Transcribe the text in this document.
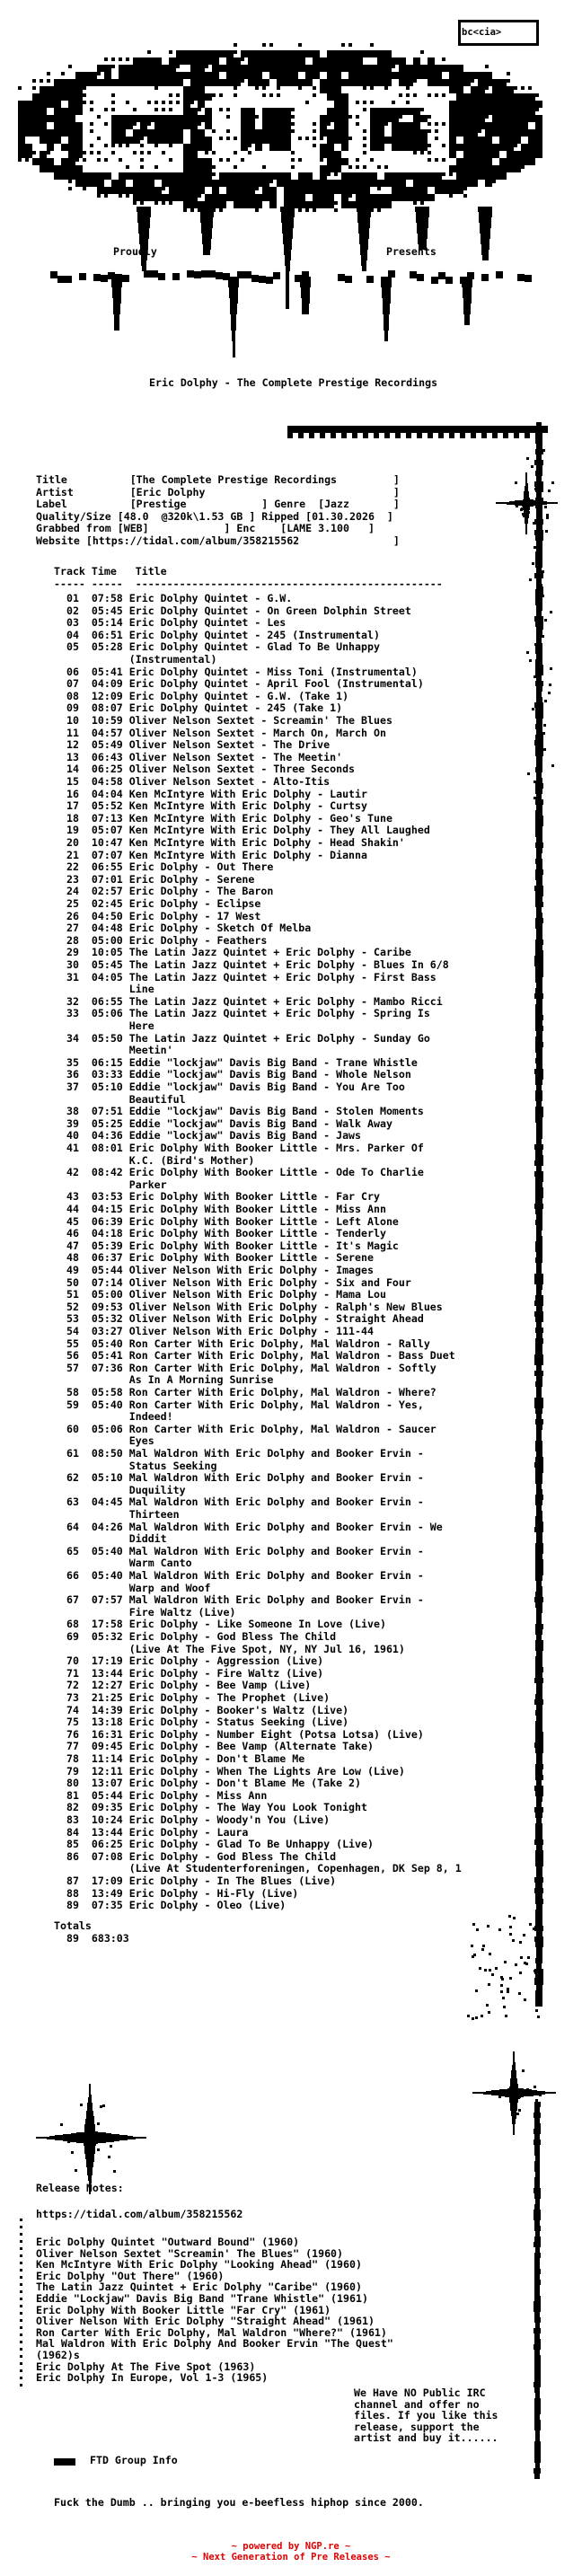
bc<cia>
Proudly	Presents
Eric Dolphy - The Complete Prestige Recordings
Title          [The Complete Prestige Recordings         ]
Artist         [Eric Dolphy                              ]
Label          [Prestige            ] Genre  [Jazz       ]
Quality/Size [48.0  @320k\1.53 GB ] Ripped [01.30.2026  ]
Grabbed from [WEB]            ] Enc    [LAME 3.100   ]
Website [https://tidal.com/album/358215562               ]
Track Time   Title
----- -----  -------------------------------------------------
01  07:58 Eric Dolphy Quintet - G.W.
02  05:45 Eric Dolphy Quintet - On Green Dolphin Street
03  05:14 Eric Dolphy Quintet - Les
04  06:51 Eric Dolphy Quintet - 245 (Instrumental)
05  05:28 Eric Dolphy Quintet - Glad To Be Unhappy
(Instrumental)
06  05:41 Eric Dolphy Quintet - Miss Toni (Instrumental)
07  04:09 Eric Dolphy Quintet - April Fool (Instrumental)
08  12:09 Eric Dolphy Quintet - G.W. (Take 1)
09  08:07 Eric Dolphy Quintet - 245 (Take 1)
10  10:59 Oliver Nelson Sextet - Screamin' The Blues
11  04:57 Oliver Nelson Sextet - March On, March On
12  05:49 Oliver Nelson Sextet - The Drive
13  06:43 Oliver Nelson Sextet - The Meetin'
14  06:25 Oliver Nelson Sextet - Three Seconds
15  04:58 Oliver Nelson Sextet - Alto-Itis
16  04:04 Ken McIntyre With Eric Dolphy - Lautir
17  05:52 Ken McIntyre With Eric Dolphy - Curtsy
18  07:13 Ken McIntyre With Eric Dolphy - Geo's Tune
19  05:07 Ken McIntyre With Eric Dolphy - They All Laughed
20  10:47 Ken McIntyre With Eric Dolphy - Head Shakin'
21  07:07 Ken McIntyre With Eric Dolphy - Dianna
22  06:55 Eric Dolphy - Out There
23  07:01 Eric Dolphy - Serene
24  02:57 Eric Dolphy - The Baron
25  02:45 Eric Dolphy - Eclipse
26  04:50 Eric Dolphy - 17 West
27  04:48 Eric Dolphy - Sketch Of Melba
28  05:00 Eric Dolphy - Feathers
29  10:05 The Latin Jazz Quintet + Eric Dolphy - Caribe
30  05:45 The Latin Jazz Quintet + Eric Dolphy - Blues In 6/8
31  04:05 The Latin Jazz Quintet + Eric Dolphy - First Bass
Line
32  06:55 The Latin Jazz Quintet + Eric Dolphy - Mambo Ricci
33  05:06 The Latin Jazz Quintet + Eric Dolphy - Spring Is
Here
34  05:50 The Latin Jazz Quintet + Eric Dolphy - Sunday Go
Meetin'
35  06:15 Eddie "lockjaw" Davis Big Band - Trane Whistle
36  03:33 Eddie "lockjaw" Davis Big Band - Whole Nelson
37  05:10 Eddie "lockjaw" Davis Big Band - You Are Too
Beautiful
38  07:51 Eddie "lockjaw" Davis Big Band - Stolen Moments
39  05:25 Eddie "lockjaw" Davis Big Band - Walk Away
40  04:36 Eddie "lockjaw" Davis Big Band - Jaws
41  08:01 Eric Dolphy With Booker Little - Mrs. Parker Of
K.C. (Bird's Mother)
42  08:42 Eric Dolphy With Booker Little - Ode To Charlie
Parker
43  03:53 Eric Dolphy With Booker Little - Far Cry
44  04:15 Eric Dolphy With Booker Little - Miss Ann
45  06:39 Eric Dolphy With Booker Little - Left Alone
46  04:18 Eric Dolphy With Booker Little - Tenderly
47  05:39 Eric Dolphy With Booker Little - It's Magic
48  06:37 Eric Dolphy With Booker Little - Serene
49  05:44 Oliver Nelson With Eric Dolphy - Images
50  07:14 Oliver Nelson With Eric Dolphy - Six and Four
51  05:00 Oliver Nelson With Eric Dolphy - Mama Lou
52  09:53 Oliver Nelson With Eric Dolphy - Ralph's New Blues
53  05:32 Oliver Nelson With Eric Dolphy - Straight Ahead
54  03:27 Oliver Nelson With Eric Dolphy - 111-44
55  05:40 Ron Carter With Eric Dolphy, Mal Waldron - Rally
56  05:41 Ron Carter With Eric Dolphy, Mal Waldron - Bass Duet
57  07:36 Ron Carter With Eric Dolphy, Mal Waldron - Softly
As In A Morning Sunrise
58  05:58 Ron Carter With Eric Dolphy, Mal Waldron - Where?
59  05:40 Ron Carter With Eric Dolphy, Mal Waldron - Yes,
Indeed!
60  05:06 Ron Carter With Eric Dolphy, Mal Waldron - Saucer
Eyes
61  08:50 Mal Waldron With Eric Dolphy and Booker Ervin -
Status Seeking
62  05:10 Mal Waldron With Eric Dolphy and Booker Ervin -
Duquility
63  04:45 Mal Waldron With Eric Dolphy and Booker Ervin -
Thirteen
64  04:26 Mal Waldron With Eric Dolphy and Booker Ervin - We
Diddit
65  05:40 Mal Waldron With Eric Dolphy and Booker Ervin -
Warm Canto
66  05:40 Mal Waldron With Eric Dolphy and Booker Ervin -
Warp and Woof
67  07:57 Mal Waldron With Eric Dolphy and Booker Ervin -
Fire Waltz (Live)
68  17:58 Eric Dolphy - Like Someone In Love (Live)
69  05:32 Eric Dolphy - God Bless The Child
(Live At The Five Spot, NY, NY Jul 16, 1961)
70  17:19 Eric Dolphy - Aggression (Live)
71  13:44 Eric Dolphy - Fire Waltz (Live)
72  12:27 Eric Dolphy - Bee Vamp (Live)
73  21:25 Eric Dolphy - The Prophet (Live)
74  14:39 Eric Dolphy - Booker's Waltz (Live)
75  13:18 Eric Dolphy - Status Seeking (Live)
76  16:31 Eric Dolphy - Number Eight (Potsa Lotsa) (Live)
77  09:45 Eric Dolphy - Bee Vamp (Alternate Take)
78  11:14 Eric Dolphy - Don't Blame Me
79  12:11 Eric Dolphy - When The Lights Are Low (Live)
80  13:07 Eric Dolphy - Don't Blame Me (Take 2)
81  05:44 Eric Dolphy - Miss Ann
82  09:35 Eric Dolphy - The Way You Look Tonight
83  10:24 Eric Dolphy - Woody'n You (Live)
84  13:44 Eric Dolphy - Laura
85  06:25 Eric Dolphy - Glad To Be Unhappy (Live)
86  07:08 Eric Dolphy - God Bless The Child
(Live At Studenterforeningen, Copenhagen, DK Sep 8, 1
87  17:09 Eric Dolphy - In The Blues (Live)
88  13:49 Eric Dolphy - Hi-Fly (Live)
89  07:35 Eric Dolphy - Oleo (Live)
Totals
89  683:03
Release Notes:
https://tidal.com/album/358215562
Eric Dolphy Quintet "Outward Bound" (1960)
Oliver Nelson Sextet "Screamin' The Blues" (1960)
Ken McIntyre With Eric Dolphy "Looking Ahead" (1960)
Eric Dolphy "Out There" (1960)
The Latin Jazz Quintet + Eric Dolphy "Caribe" (1960)
Eddie "Lockjaw" Davis Big Band "Trane Whistle" (1961)
Eric Dolphy With Booker Little "Far Cry" (1961)
Oliver Nelson With Eric Dolphy "Straight Ahead" (1961)
Ron Carter With Eric Dolphy, Mal Waldron "Where?" (1961)
Mal Waldron With Eric Dolphy And Booker Ervin "The Quest"
(1962)s
Eric Dolphy At The Five Spot (1963)
Eric Dolphy In Europe, Vol 1-3 (1965)
We Have NO Public IRC
channel and offer no
files. If you like this
release, support the
artist and buy it......
FTD Group Info
Fuck the Dumb .. bringing you e-beefless hiphop since 2000.
~ powered by NGP.re ~
~ Next Generation of Pre Releases ~
